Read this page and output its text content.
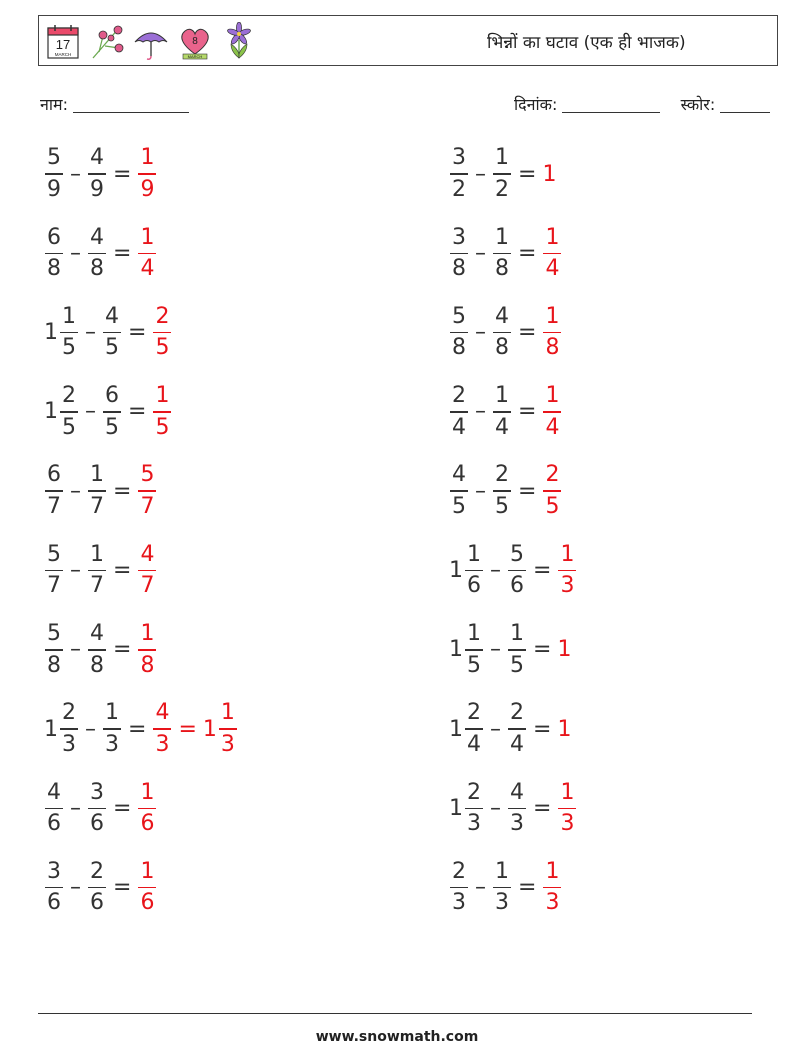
17
MARCH
8
MARCH
भिन्नों का घटाव (एक ही भाजक)
नाम:	दिनांक:	स्कोर:
$\frac{5}{9} - \frac{4}{9} = \frac{1}{9}$
$\frac{6}{8} - \frac{4}{8} = \frac{1}{4}$
$1 \frac{1}{5} - \frac{4}{5} = \frac{2}{5}$
$1 \frac{2}{5} - \frac{6}{5} = \frac{1}{5}$
$\frac{6}{7} - \frac{1}{7} = \frac{5}{7}$
$\frac{5}{7} - \frac{1}{7} = \frac{4}{7}$
$\frac{5}{8} - \frac{4}{8} = \frac{1}{8}$
$1 \frac{2}{3} - \frac{1}{3} = \frac{4}{3} = 1 \frac{1}{3}$
$\frac{4}{6} - \frac{3}{6} = \frac{1}{6}$
$\frac{3}{6} - \frac{2}{6} = \frac{1}{6}$
$\frac{3}{2} - \frac{1}{2} = 1$
$\frac{3}{8} - \frac{1}{8} = \frac{1}{4}$
$\frac{5}{8} - \frac{4}{8} = \frac{1}{8}$
$\frac{2}{4} - \frac{1}{4} = \frac{1}{4}$
$\frac{4}{5} - \frac{2}{5} = \frac{2}{5}$
$1 \frac{1}{6} - \frac{5}{6} = \frac{1}{3}$
$1 \frac{1}{5} - \frac{1}{5} = 1$
$1 \frac{2}{4} - \frac{2}{4} = 1$
$1 \frac{2}{3} - \frac{4}{3} = \frac{1}{3}$
$\frac{2}{3} - \frac{1}{3} = \frac{1}{3}$
www.snowmath.com
